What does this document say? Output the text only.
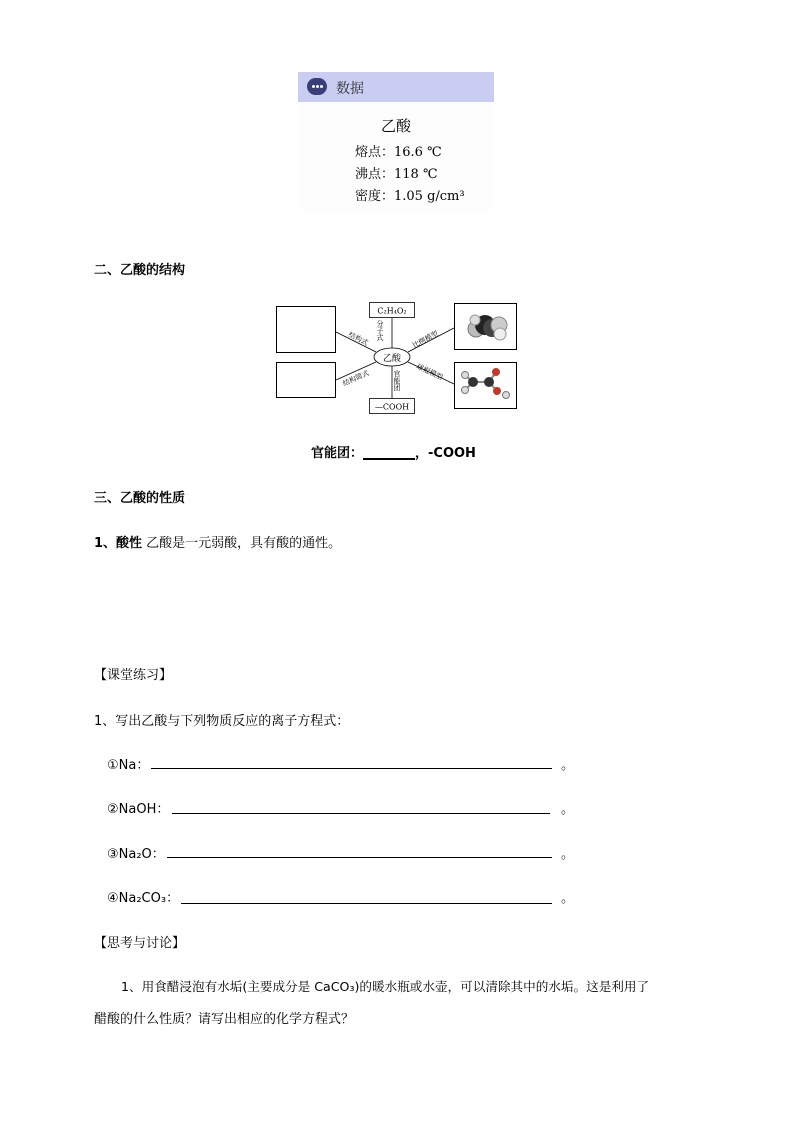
数据
乙酸
熔点：16.6 ℃
沸点：118 ℃
密度：1.05 g/cm³
二、乙酸的结构
C₂H₄O₂
—COOH
乙酸
分子式
结构式
结构简式
比例模型
球棍模型
官能团
官能团：________，-COOH
三、乙酸的性质
1、酸性 乙酸是一元弱酸，具有酸的通性。
【课堂练习】
1、写出乙酸与下列物质反应的离子方程式：
①Na：	。
②NaOH：	。
③Na₂O：	。
④Na₂CO₃：	。
【思考与讨论】
1、用食醋浸泡有水垢(主要成分是 CaCO₃)的暖水瓶或水壶，可以清除其中的水垢。这是利用了
醋酸的什么性质？请写出相应的化学方程式？
